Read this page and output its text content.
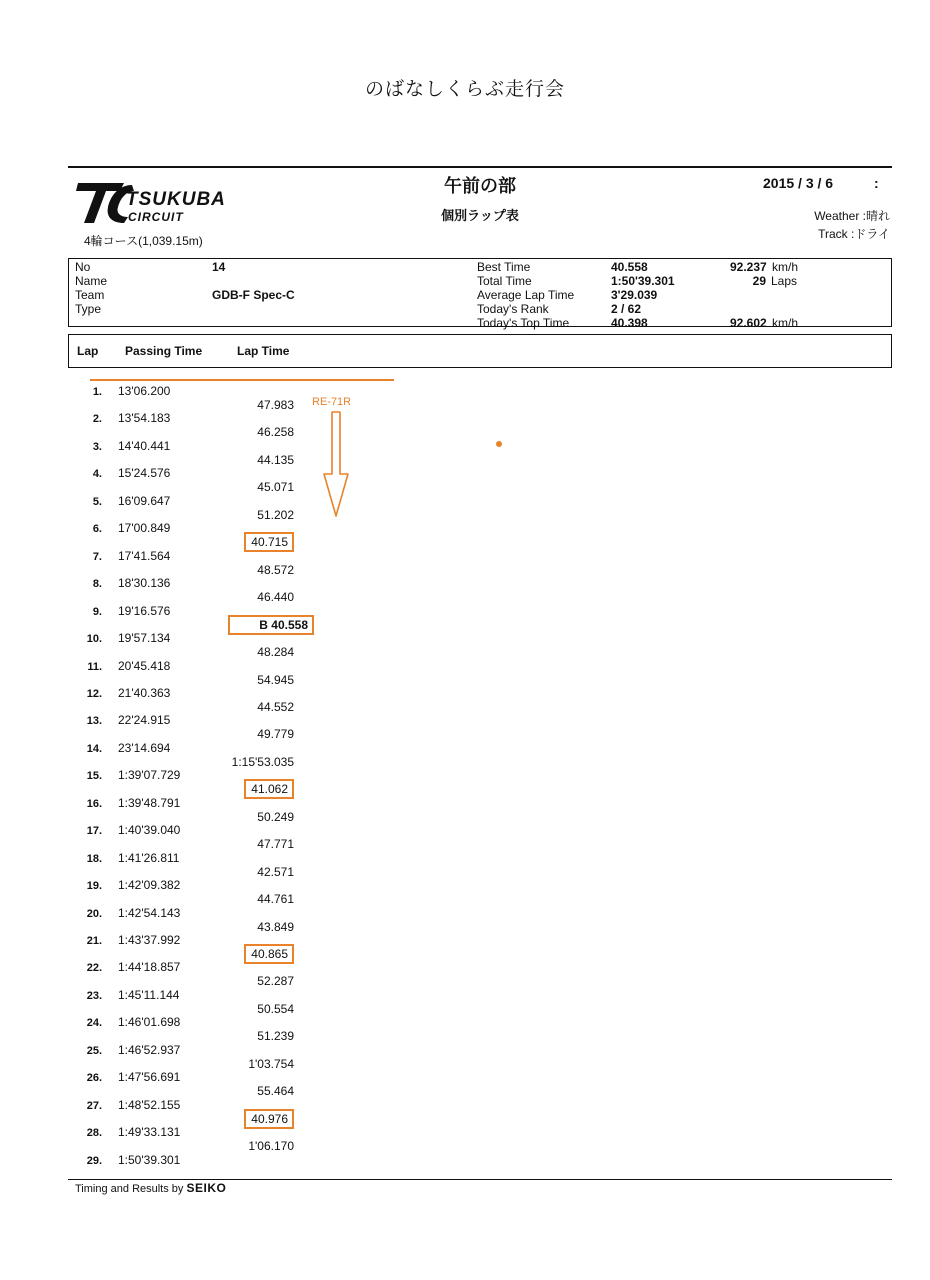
のばなしくらぶ走行会
TSUKUBA
CIRCUIT
4輪コース(1,039.15m)
午前の部
個別ラップ表
2015 / 3 / 6	:
Weather :晴れ
Track :ドライ
No
Name
Team
Type
14
GDB-F Spec-C
Best Time
Total Time
Average Lap Time
Today's Rank
Today's Top Time
40.558
1:50'39.301
3'29.039
2 / 62
40.398
92.237 km/h
29 Laps
92.602 km/h
Lap Passing Time	Lap Time
RE-71R
1. 13'06.200
2. 13'54.183
3. 14'40.441
4. 15'24.576
5. 16'09.647
6. 17'00.849
7. 17'41.564
8. 18'30.136
9. 19'16.576
10. 19'57.134
11. 20'45.418
12. 21'40.363
13. 22'24.915
14. 23'14.694
15. 1:39'07.729
16. 1:39'48.791
17. 1:40'39.040
18. 1:41'26.811
19. 1:42'09.382
20. 1:42'54.143
21. 1:43'37.992
22. 1:44'18.857
23. 1:45'11.144
24. 1:46'01.698
25. 1:46'52.937
26. 1:47'56.691
27. 1:48'52.155
28. 1:49'33.131
29. 1:50'39.301
47.983
46.258
44.135
45.071
51.202
40.715
48.572
46.440
B 40.558
48.284
54.945
44.552
49.779
1:15'53.035
41.062
50.249
47.771
42.571
44.761
43.849
40.865
52.287
50.554
51.239
1'03.754
55.464
40.976
1'06.170
Timing and Results by SEIKO
